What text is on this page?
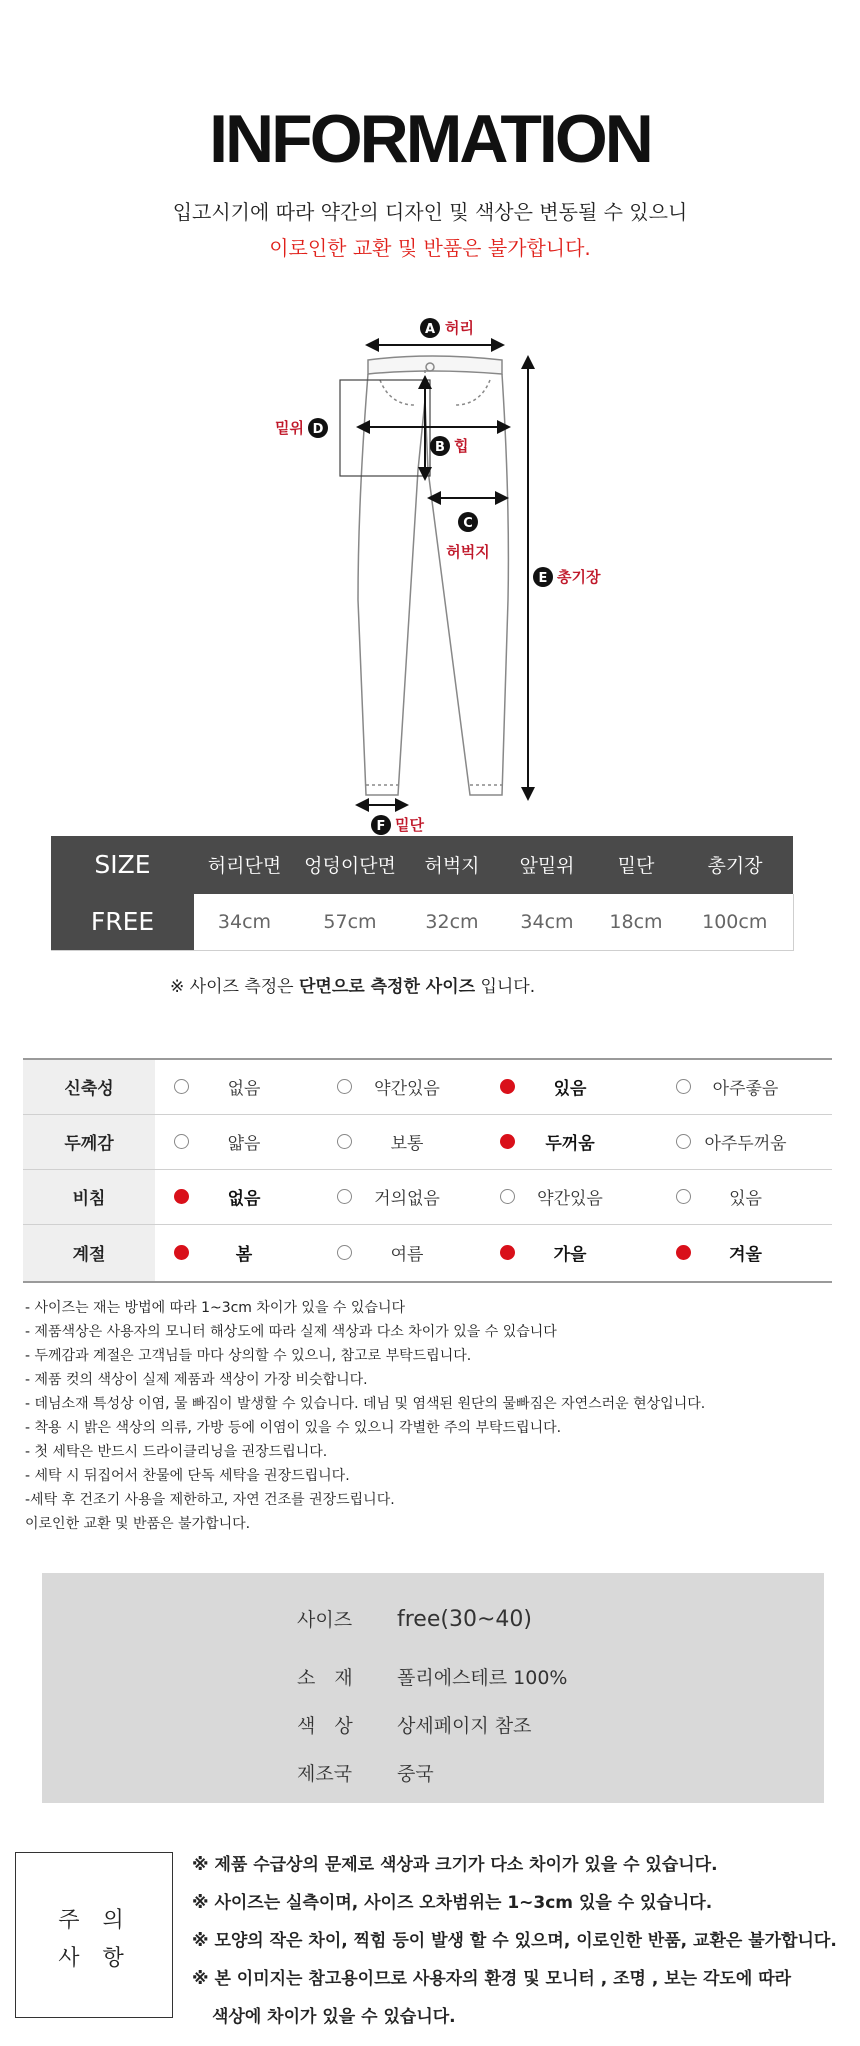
INFORMATION
입고시기에 따라 약간의 디자인 및 색상은 변동될 수 있으니
이로인한 교환 및 반품은 불가합니다.
A 허리
B 힙
D
밑위
C
허벅지
E 총기장
F 밑단
SIZE	허리단면	엉덩이단면	허벅지	앞밑위	밑단	총기장
FREE	34cm	57cm	32cm	34cm	18cm	100cm
※ 사이즈 측정은 단면으로 측정한 사이즈 입니다.
신축성	없음	약간있음	있음	아주좋음

두께감	얇음	보통	두꺼움	아주두꺼움

비침	없음	거의없음	약간있음	있음

계절	봄	여름	가을	겨울
- 사이즈는 재는 방법에 따라 1~3cm 차이가 있을 수 있습니다
- 제품색상은 사용자의 모니터 해상도에 따라 실제 색상과 다소 차이가 있을 수 있습니다
- 두께감과 계절은 고객님들 마다 상의할 수 있으니, 참고로 부탁드립니다.
- 제품 컷의 색상이 실제 제품과 색상이 가장 비슷합니다.
- 데님소재 특성상 이염, 물 빠짐이 발생할 수 있습니다. 데님 및 염색된 원단의 물빠짐은 자연스러운 현상입니다.
- 착용 시 밝은 색상의 의류, 가방 등에 이염이 있을 수 있으니 각별한 주의 부탁드립니다.
- 첫 세탁은 반드시 드라이클리닝을 권장드립니다.
- 세탁 시 뒤집어서 찬물에 단독 세탁을 권장드립니다.
-세탁 후 건조기 사용을 제한하고, 자연 건조를 권장드립니다.
이로인한 교환 및 반품은 불가합니다.
사이즈 free(30~40)
소　재 폴리에스테르 100%
색　상 상세페이지 참조
제조국 중국
주 의
사 항
※ 제품 수급상의 문제로 색상과 크기가 다소 차이가 있을 수 있습니다.
※ 사이즈는 실측이며, 사이즈 오차범위는 1~3cm 있을 수 있습니다.
※ 모양의 작은 차이, 찍힘 등이 발생 할 수 있으며, 이로인한 반품, 교환은 불가합니다.
※ 본 이미지는 참고용이므로 사용자의 환경 및 모니터 , 조명 , 보는 각도에 따라
색상에 차이가 있을 수 있습니다.
